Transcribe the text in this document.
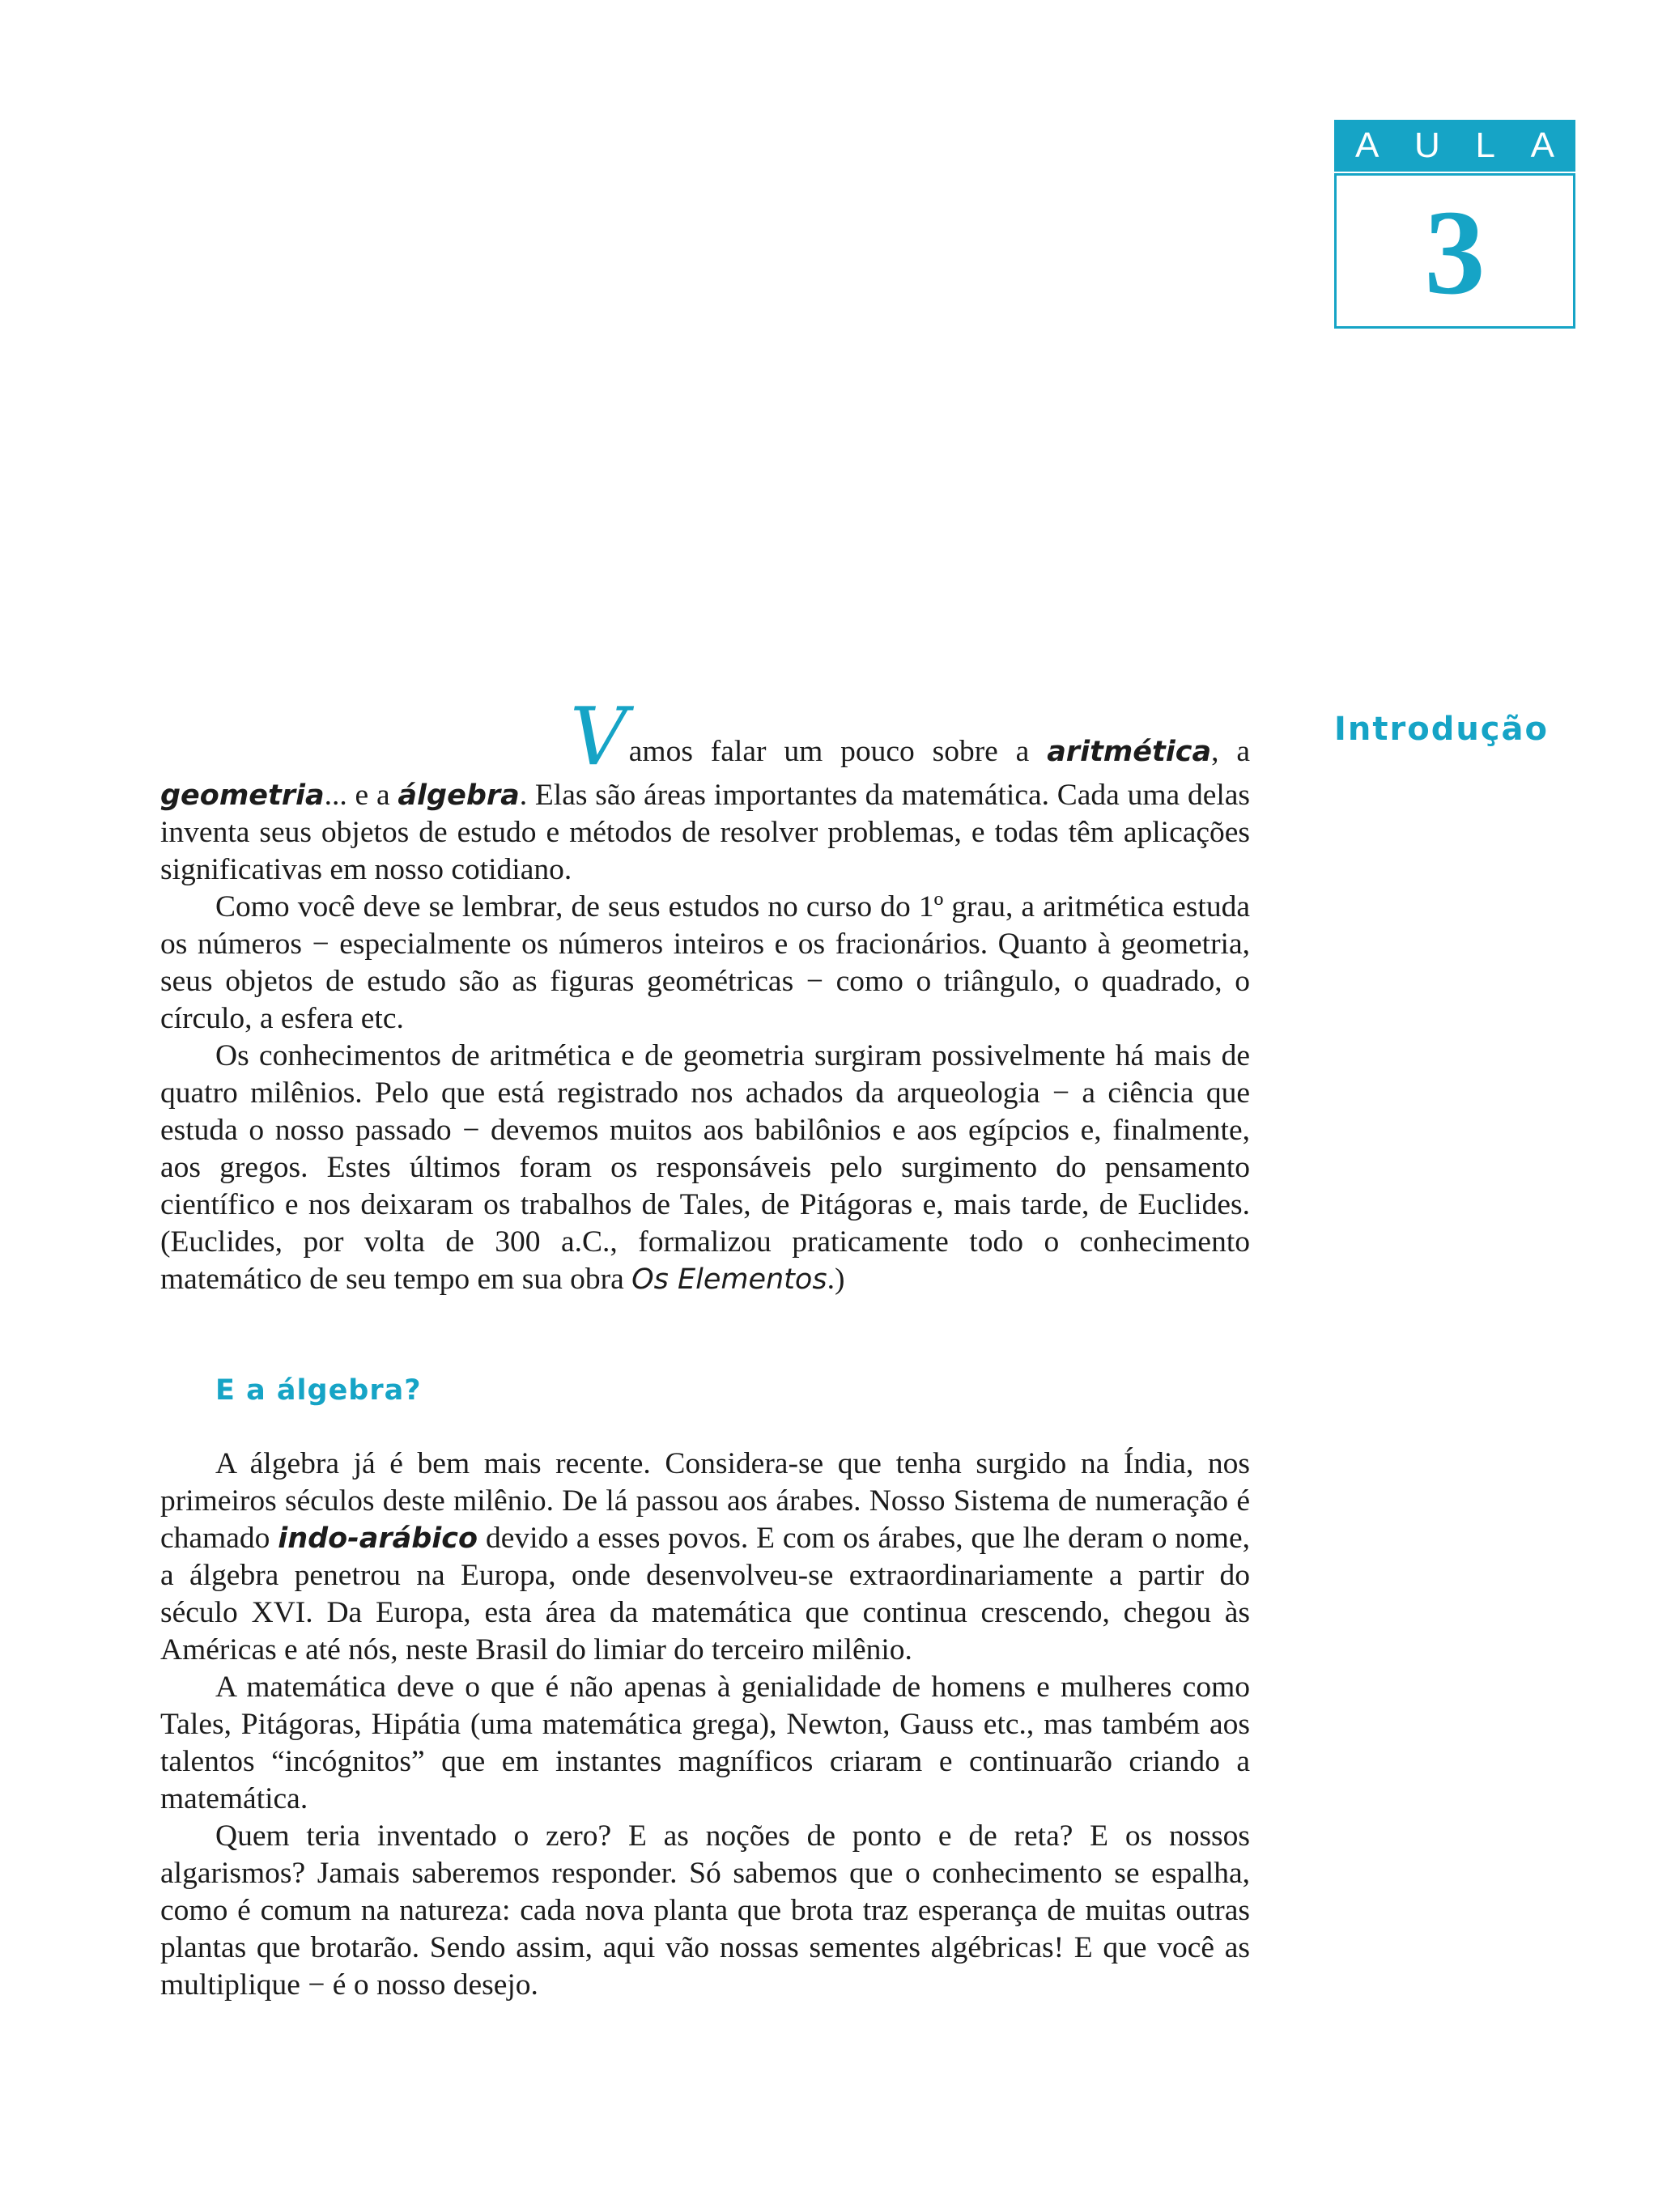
A U L A
3
Introdução

Vamos falar um pouco sobre a aritmética, a geometria... e a álgebra. Elas são áreas importantes da matemática. Cada uma delas inventa seus objetos de estudo e métodos de resolver problemas, e todas têm aplicações significativas em nosso cotidiano.

Como você deve se lembrar, de seus estudos no curso do 1º grau, a aritmética estuda os números − especialmente os números inteiros e os fracionários. Quanto à geometria, seus objetos de estudo são as figuras geométricas − como o triângulo, o quadrado, o círculo, a esfera etc.

Os conhecimentos de aritmética e de geometria surgiram possivelmente há mais de quatro milênios. Pelo que está registrado nos achados da arqueologia − a ciência que estuda o nosso passado − devemos muitos aos babilônios e aos egípcios e, finalmente, aos gregos. Estes últimos foram os responsáveis pelo surgimento do pensamento científico e nos deixaram os trabalhos de Tales, de Pitágoras e, mais tarde, de Euclides. (Euclides, por volta de 300 a.C., formalizou praticamente todo o conhecimento matemático de seu tempo em sua obra Os Elementos.)

E a álgebra?

A álgebra já é bem mais recente. Considera-se que tenha surgido na Índia, nos primeiros séculos deste milênio. De lá passou aos árabes. Nosso Sistema de numeração é chamado indo-arábico devido a esses povos. E com os árabes, que lhe deram o nome, a álgebra penetrou na Europa, onde desenvolveu-se extraordinariamente a partir do século XVI. Da Europa, esta área da matemática que continua crescendo, chegou às Américas e até nós, neste Brasil do limiar do terceiro milênio.

A matemática deve o que é não apenas à genialidade de homens e mulheres como Tales, Pitágoras, Hipátia (uma matemática grega), Newton, Gauss etc., mas também aos talentos “incógnitos” que em instantes magníficos criaram e continuarão criando a matemática.

Quem teria inventado o zero? E as noções de ponto e de reta? E os nossos algarismos? Jamais saberemos responder. Só sabemos que o conhecimento se espalha, como é comum na natureza: cada nova planta que brota traz esperança de muitas outras plantas que brotarão. Sendo assim, aqui vão nossas sementes algébricas! E que você as multiplique − é o nosso desejo.
